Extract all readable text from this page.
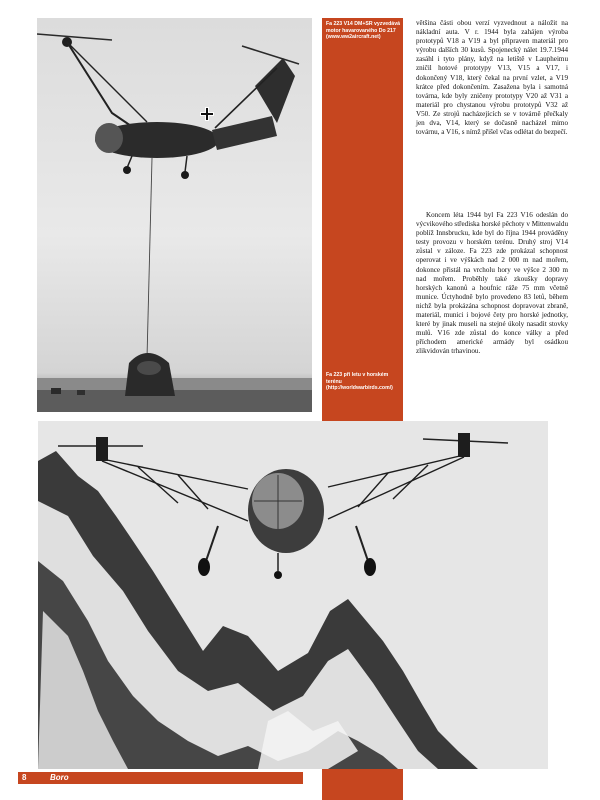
Fa 223 V14 DM+SR vyzvedává motor havarovaného Do 217 (www.ww2aircraft.net)
Fa 223 při letu v horském terénu (http://worldwarbirds.com/)

většina části obou verzí vyzvednout a náložit na nákladní auta. V r. 1944 byla zahájen výroba prototypů V18 a V19 a byl připraven materiál pro výrobu dalších 30 kusů. Spojenecký nálet 19.7.1944 zasáhl i tyto plány, když na letiště v Laupheimu zničil hotové prototypy V13, V15 a V17, i dokončený V18, který čekal na první vzlet, a V19 krátce před dokončením. Zasažena byla i samotná továrna, kde byly zničeny prototypy V20 až V31 a materiál pro chystanou výrobu prototypů V32 až V50. Ze strojů nacházejících se v továrně přečkaly jen dva, V14, který se dočasně nacházel mimo továrnu, a V16, s nímž přišel včas odlétat do bezpečí.

Koncem léta 1944 byl Fa 223 V16 odeslán do výcvikového střediska horské pěchoty v Mittenwaldu poblíž Innsbrucku, kde byl do října 1944 prováděny testy provozu v horském terénu. Druhý stroj V14 zůstal v záloze. Fa 223 zde prokázal schopnost operovat i ve výškách nad 2 000 m nad mořem, dokonce přistál na vrcholu hory ve výšce 2 300 m nad mořem. Proběhly také zkoušky dopravy horských kanonů a houfnic ráže 75 mm včetně munice. Úctyhodně bylo provedeno 83 letů, během nichž byla prokázána schopnost dopravovat zbraně, materiál, munici i bojové čety pro horské jednotky, které by jinak museli na stejné úkoly nasadit stovky mulů. V16 zde zůstal do konce války a před příchodem americké armády byl osádkou zlikvidován trhavinou.

8	Boro
